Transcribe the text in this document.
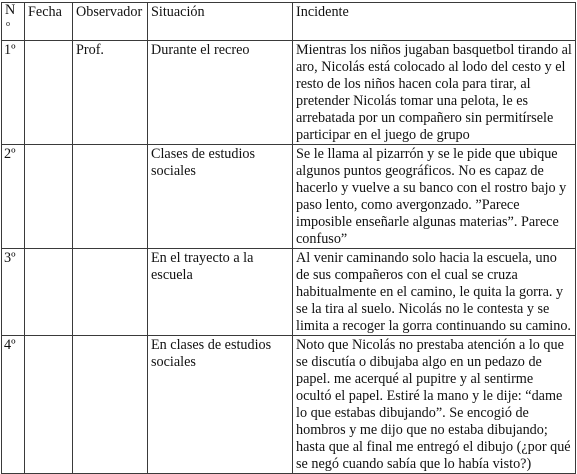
N
o	Fecha	Observador	Situación	Incidente
1º		Prof.	Durante el recreo	Mientras los niños jugaban basquetbol tirando al aro, Nicolás está colocado al lodo del cesto y el resto de los niños hacen cola para tirar, al pretender Nicolás tomar una pelota, le es arrebatada por un compañero sin permitírsele participar en el juego de grupo
2º			Clases de estudios sociales	Se le llama al pizarrón y se le pide que ubique algunos puntos geográficos. No es capaz de hacerlo y vuelve a su banco con el rostro bajo y paso lento, como avergonzado. ”Parece imposible enseñarle algunas materias”. Parece confuso”
3º			En el trayecto a la escuela	Al venir caminando solo hacia la escuela, uno de sus compañeros con el cual se cruza habitualmente en el camino, le quita la gorra. y se la tira al suelo. Nicolás no le contesta y se limita a recoger la gorra continuando su camino.
4º			En clases de estudios sociales	Noto que Nicolás no prestaba atención a lo que se discutía o dibujaba algo en un pedazo de papel. me acerqué al pupitre y al sentirme ocultó el papel. Estiré la mano y le dije: “dame lo que estabas dibujando”. Se encogió de hombros y me dijo que no estaba dibujando; hasta que al final me entregó el dibujo (¿por qué se negó cuando sabía que lo había visto?)
